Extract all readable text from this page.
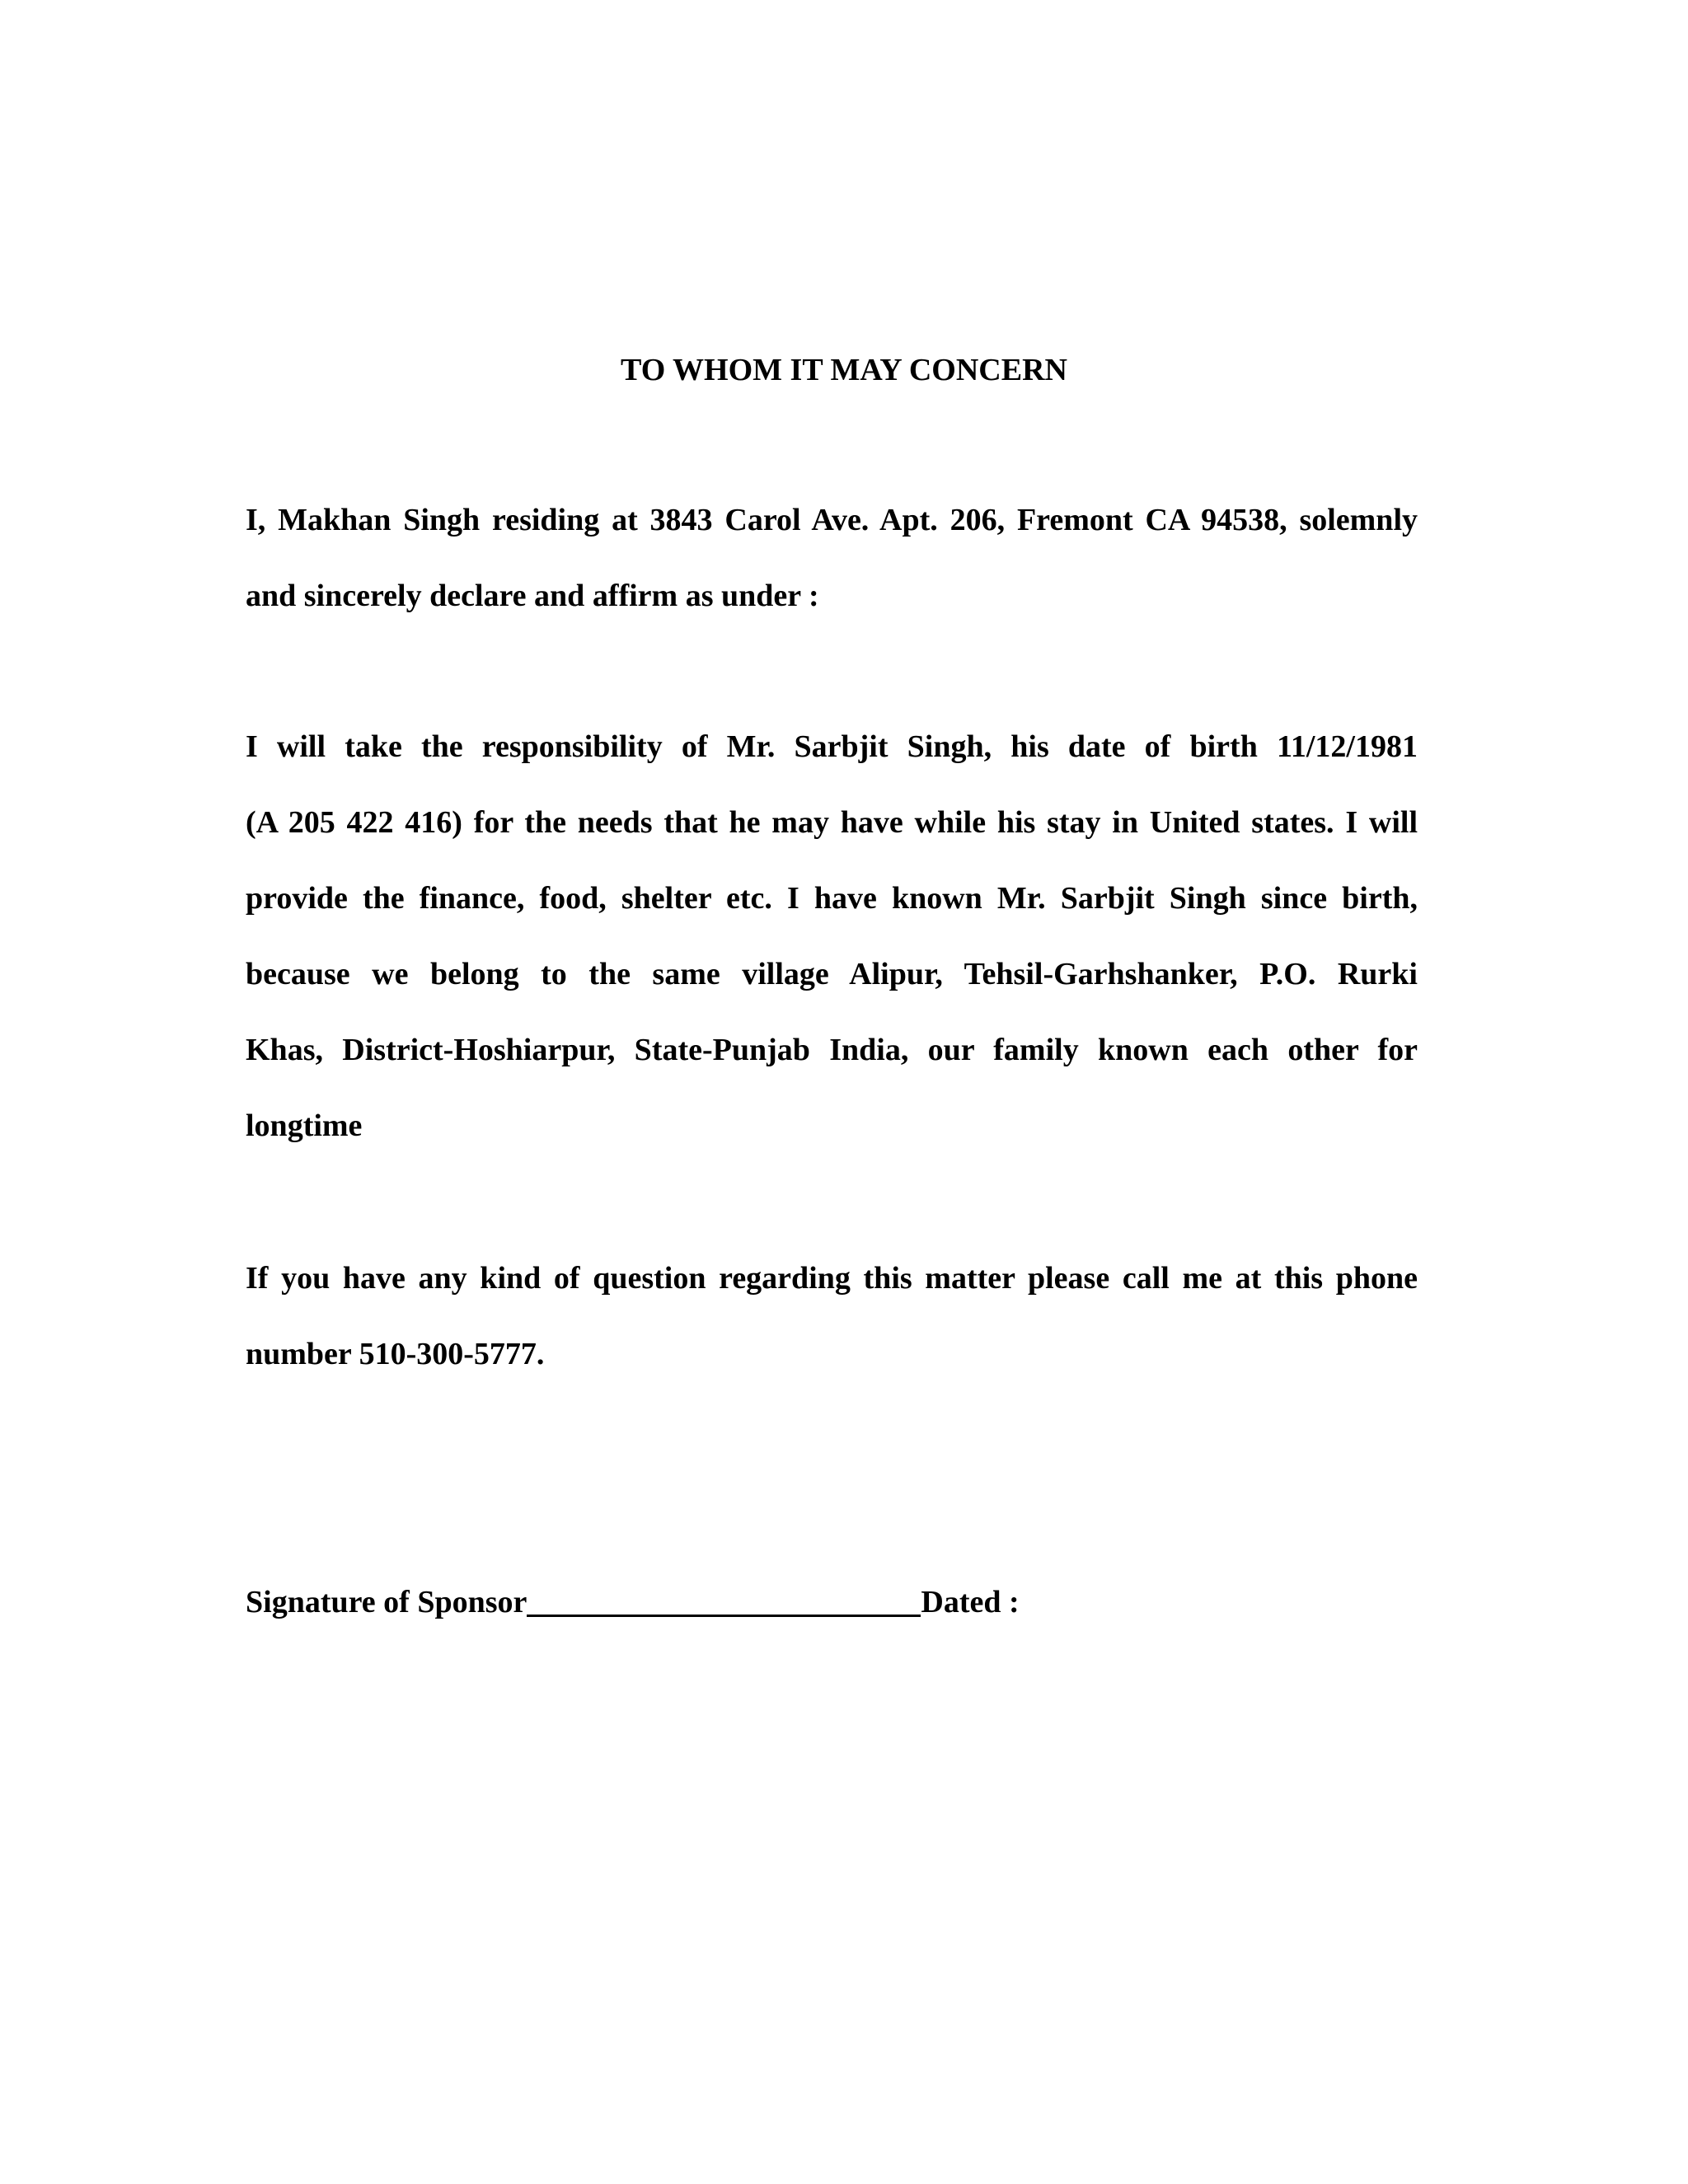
TO WHOM IT MAY CONCERN
I, Makhan Singh residing at 3843 Carol Ave. Apt. 206, Fremont CA 94538, solemnly
and sincerely declare and affirm as under :
I will take the responsibility of Mr. Sarbjit Singh, his date of birth 11/12/1981
(A 205 422 416) for the needs that he may have while his stay in United states. I will
provide the finance, food, shelter etc. I have known Mr. Sarbjit Singh since birth,
because we belong to the same village Alipur, Tehsil-Garhshanker, P.O. Rurki
Khas, District-Hoshiarpur, State-Punjab India, our family known each other for
longtime
If you have any kind of question regarding this matter please call me at this phone
number 510-300-5777.
Signature of Sponsor	Dated :
